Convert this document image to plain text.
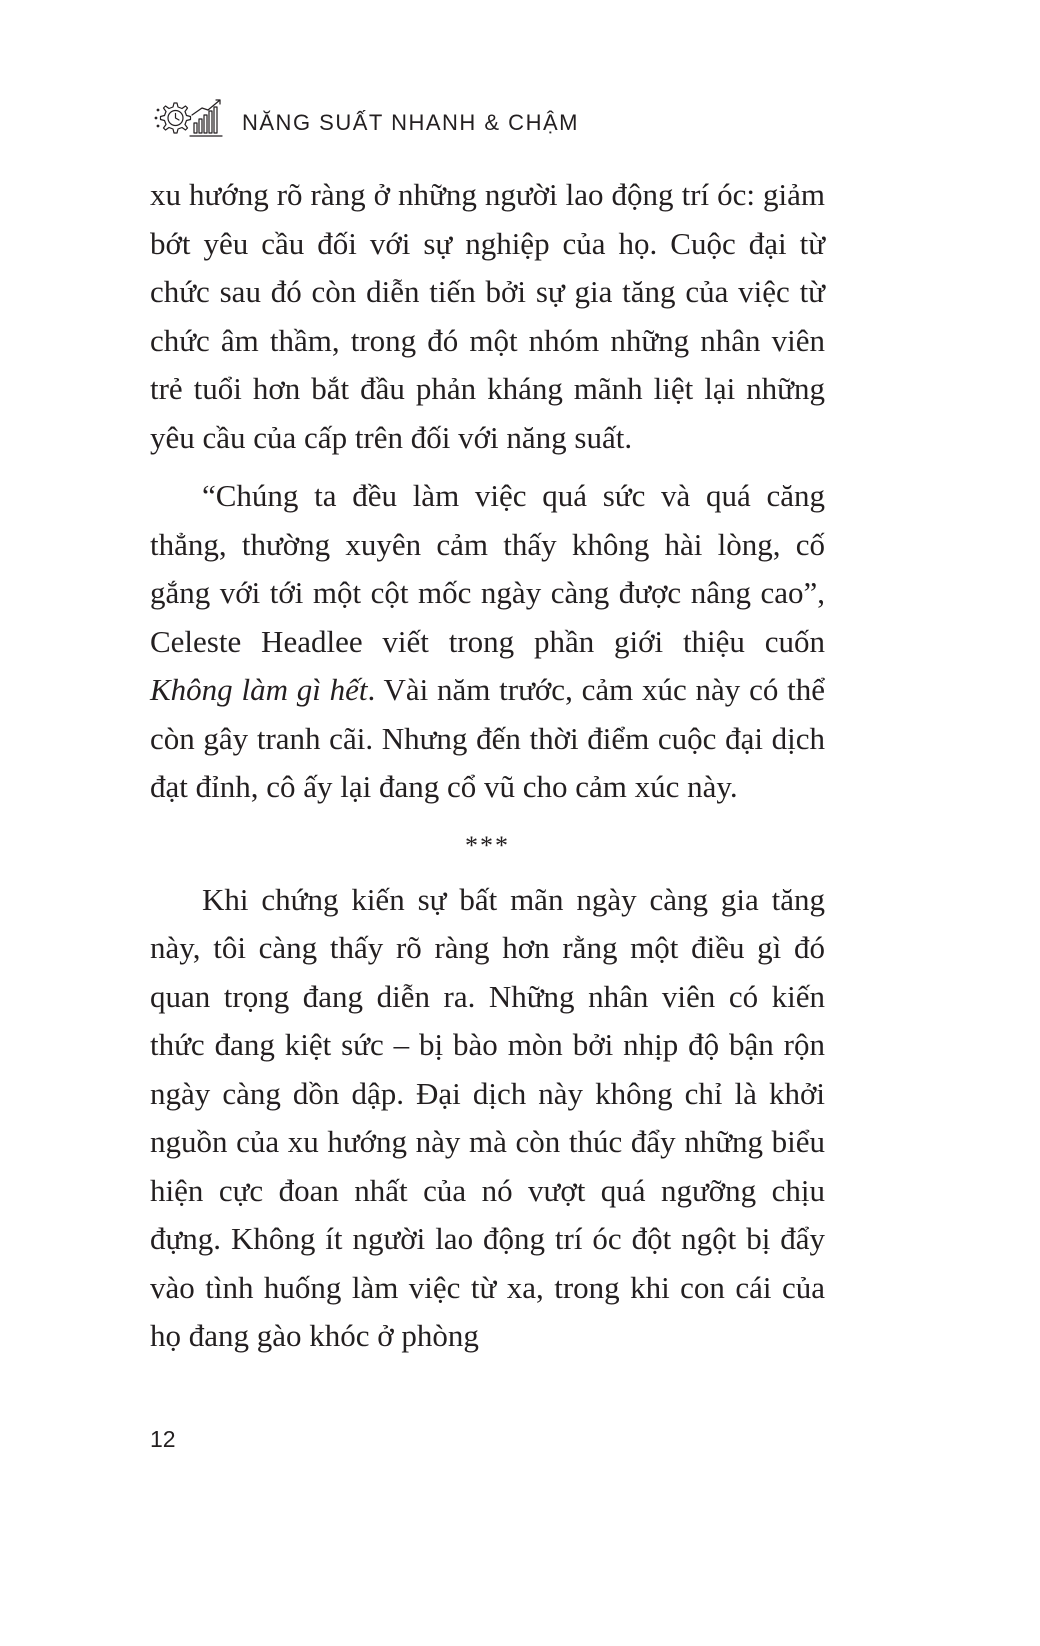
NĂNG SUẤT NHANH & CHẬM

xu hướng rõ ràng ở những người lao động trí óc: giảm bớt yêu cầu đối với sự nghiệp của họ. Cuộc đại từ chức sau đó còn diễn tiến bởi sự gia tăng của việc từ chức âm thầm, trong đó một nhóm những nhân viên trẻ tuổi hơn bắt đầu phản kháng mãnh liệt lại những yêu cầu của cấp trên đối với năng suất.

“Chúng ta đều làm việc quá sức và quá căng thẳng, thường xuyên cảm thấy không hài lòng, cố gắng với tới một cột mốc ngày càng được nâng cao”, Celeste Headlee viết trong phần giới thiệu cuốn Không làm gì hết. Vài năm trước, cảm xúc này có thể còn gây tranh cãi. Nhưng đến thời điểm cuộc đại dịch đạt đỉnh, cô ấy lại đang cổ vũ cho cảm xúc này.

***

Khi chứng kiến sự bất mãn ngày càng gia tăng này, tôi càng thấy rõ ràng hơn rằng một điều gì đó quan trọng đang diễn ra. Những nhân viên có kiến thức đang kiệt sức – bị bào mòn bởi nhịp độ bận rộn ngày càng dồn dập. Đại dịch này không chỉ là khởi nguồn của xu hướng này mà còn thúc đẩy những biểu hiện cực đoan nhất của nó vượt quá ngưỡng chịu đựng. Không ít người lao động trí óc đột ngột bị đẩy vào tình huống làm việc từ xa, trong khi con cái của họ đang gào khóc ở phòng

12
